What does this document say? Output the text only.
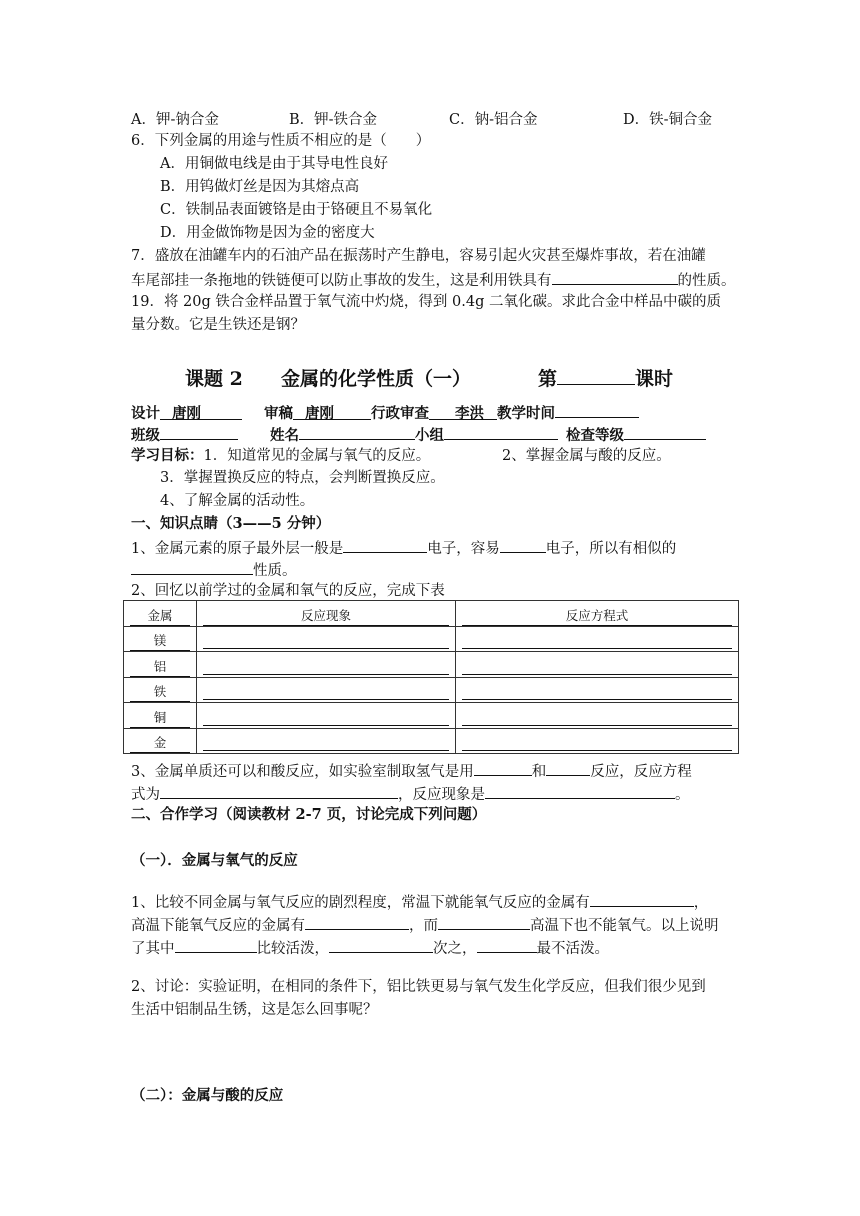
A．钾-钠合金	B．钾-铁合金	C．钠-铝合金	D．铁-铜合金
6．下列金属的用途与性质不相应的是（　　）
A．用铜做电线是由于其导电性良好
B．用钨做灯丝是因为其熔点高
C．铁制品表面镀铬是由于铬硬且不易氧化
D．用金做饰物是因为金的密度大
7．盛放在油罐车内的石油产品在振荡时产生静电，容易引起火灾甚至爆炸事故，若在油罐
车尾部挂一条拖地的铁链便可以防止事故的发生，这是利用铁具有	的性质。
19．将 20g 铁合金样品置于氧气流中灼烧，得到 0.4g 二氧化碳。求此合金中样品中碳的质
量分数。它是生铁还是钢？
课题 2 金属的化学性质（一）	第	课时
设计 唐刚	审稿 唐刚	行政审查 李洪 教学时间
班级	姓名	小组	检查等级
学习目标：1．知道常见的金属与氧气的反应。	2、掌握金属与酸的反应。
3．掌握置换反应的特点，会判断置换反应。
4、了解金属的活动性。
一、知识点睛（3——5 分钟）
1、金属元素的原子最外层一般是	电子，容易	电子，所以有相似的
性质。
2、回忆以前学过的金属和氧气的反应，完成下表
金属	反应现象	反应方程式

镁		

铝		

铁		

铜		

金		

3、金属单质还可以和酸反应，如实验室制取氢气是用	和	反应，反应方程
式为	，反应现象是	。
二、合作学习（阅读教材 2-7 页，讨论完成下列问题）
（一）．金属与氧气的反应
1、比较不同金属与氧气反应的剧烈程度，常温下就能氧气反应的金属有	，
高温下能氧气反应的金属有	，而	高温下也不能氧气。以上说明
了其中	比较活泼，	次之，	最不活泼。
2、讨论：实验证明，在相同的条件下，铝比铁更易与氧气发生化学反应，但我们很少见到
生活中铝制品生锈，这是怎么回事呢？
（二）：金属与酸的反应
